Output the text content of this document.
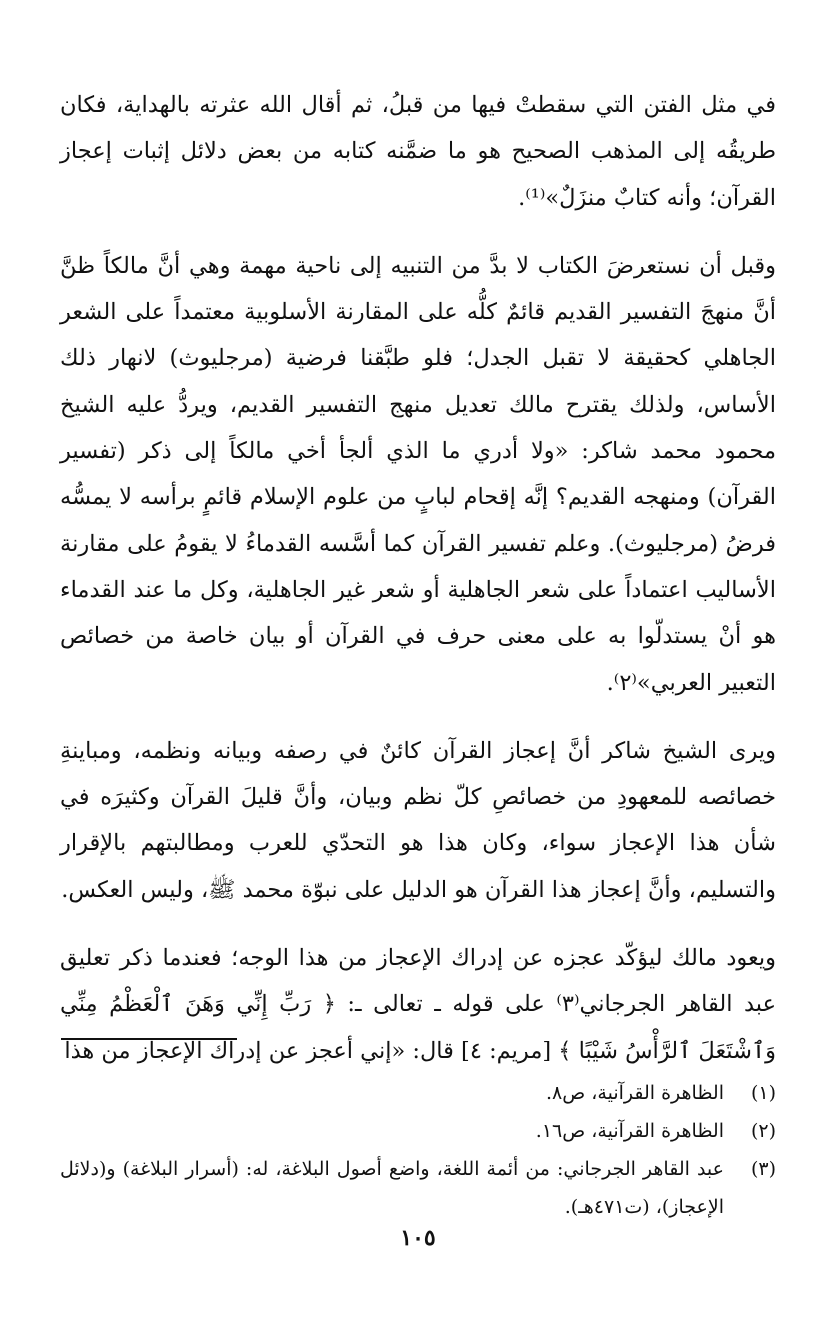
في مثل الفتن التي سقطتْ فيها من قبلُ، ثم أقال الله عثرته بالهداية، فكان طريقُه إلى المذهب الصحيح هو ما ضمَّنه كتابه من بعض دلائل إثبات إعجاز القرآن؛ وأنه كتابٌ منزَلٌ»⁽¹⁾.

وقبل أن نستعرضَ الكتاب لا بدَّ من التنبيه إلى ناحية مهمة وهي أنَّ مالكاً ظنَّ أنَّ منهجَ التفسير القديم قائمٌ كلُّه على المقارنة الأسلوبية معتمداً على الشعر الجاهلي كحقيقة لا تقبل الجدل؛ فلو طبَّقنا فرضية (مرجليوث) لانهار ذلك الأساس، ولذلك يقترح مالك تعديل منهج التفسير القديم، ويردُّ عليه الشيخ محمود محمد شاكر: «ولا أدري ما الذي ألجأ أخي مالكاً إلى ذكر (تفسير القرآن) ومنهجه القديم؟ إنَّه إقحام لبابٍ من علوم الإسلام قائمٍ برأسه لا يمسُّه فرضُ (مرجليوث). وعلم تفسير القرآن كما أسَّسه القدماءُ لا يقومُ على مقارنة الأساليب اعتماداً على شعر الجاهلية أو شعر غير الجاهلية، وكل ما عند القدماء هو أنْ يستدلّوا به على معنى حرف في القرآن أو بيان خاصة من خصائص التعبير العربي»⁽٢⁾.

ويرى الشيخ شاكر أنَّ إعجاز القرآن كائنٌ في رصفه وبيانه ونظمه، ومباينةِ خصائصه للمعهودِ من خصائصِ كلّ نظم وبيان، وأنَّ قليلَ القرآن وكثيرَه في شأن هذا الإعجاز سواء، وكان هذا هو التحدّي للعرب ومطالبتهم بالإقرار والتسليم، وأنَّ إعجاز هذا القرآن هو الدليل على نبوّة محمد ﷺ، وليس العكس.

ويعود مالك ليؤكّد عجزه عن إدراك الإعجاز من هذا الوجه؛ فعندما ذكر تعليق عبد القاهر الجرجاني⁽٣⁾ على قوله ـ تعالى ـ: ﴿ رَبِّ إِنِّي وَهَنَ ٱلْعَظْمُ مِنِّي وَٱشْتَعَلَ ٱلرَّأْسُ شَيْبًا ﴾ [مريم: ٤] قال: «إني أعجز عن إدراك الإعجاز من هذا

(١)
الظاهرة القرآنية، ص٨.
(٢)
الظاهرة القرآنية، ص١٦.
(٣)
عبد القاهر الجرجاني: من أئمة اللغة، واضع أصول البلاغة، له: (أسرار البلاغة) و(دلائل الإعجاز)، (ت٤٧١هـ).
١٠٥
